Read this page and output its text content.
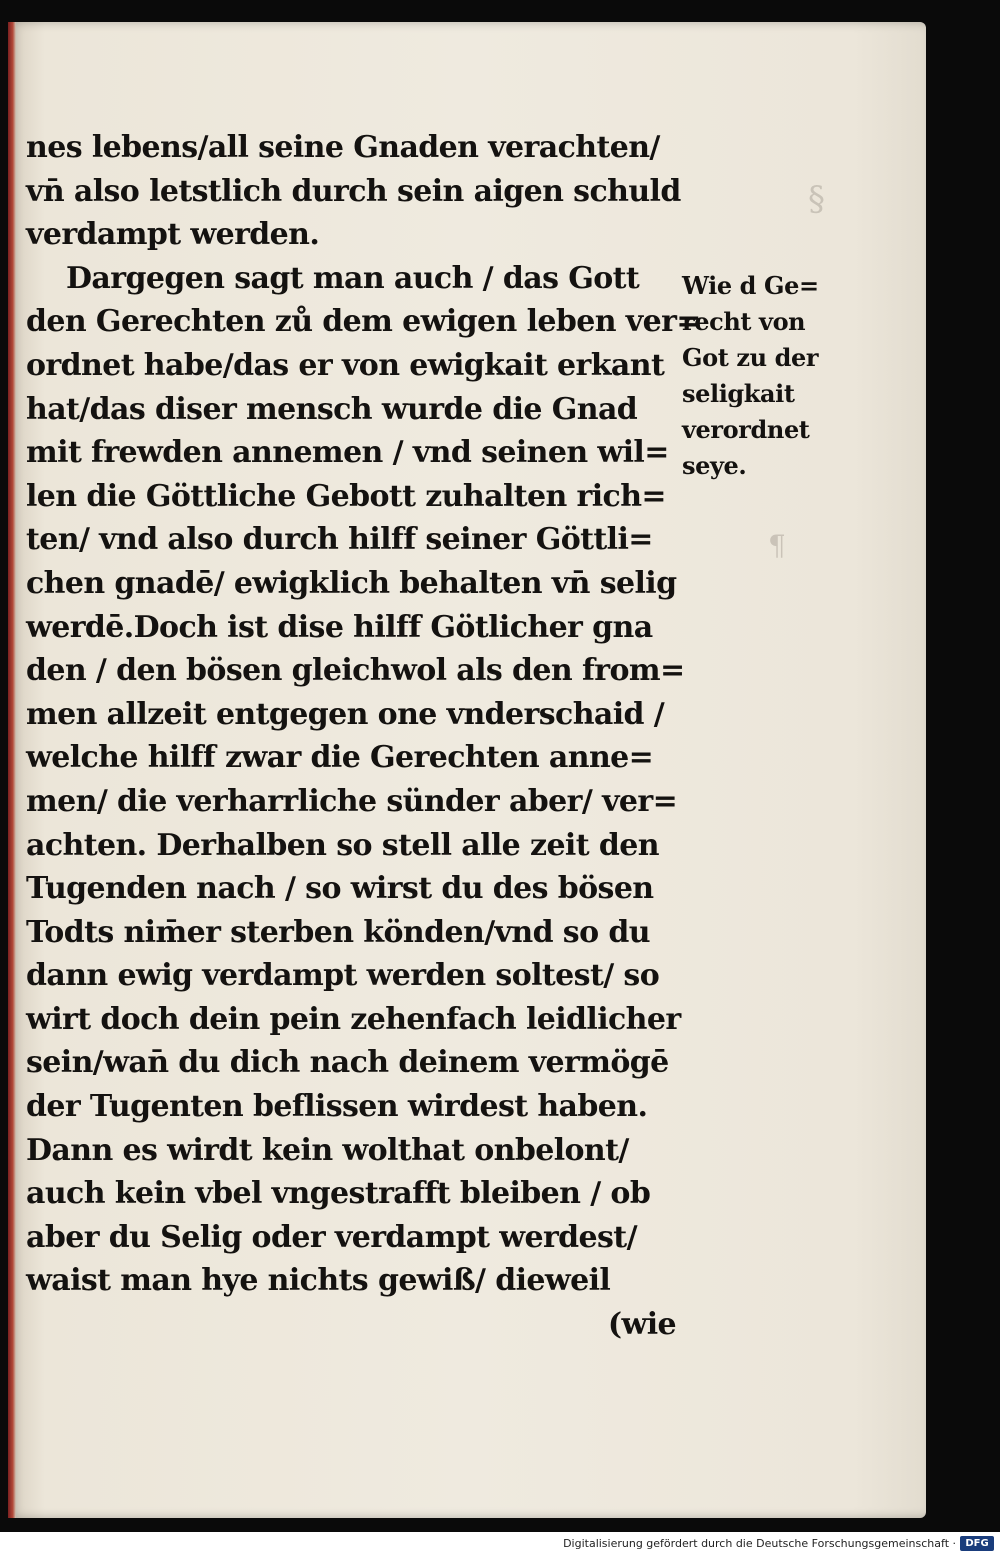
§
¶
nes lebens/all seine Gnaden verachten/
vn̄ also letstlich durch sein aigen schuld
verdampt werden.
Dargegen sagt man auch / das Gott
den Gerechten zů dem ewigen leben ver=
ordnet habe/das er von ewigkait erkant
hat/das diser mensch wurde die Gnad
mit frewden annemen / vnd seinen wil=
len die Göttliche Gebott zuhalten rich=
ten/ vnd also durch hilff seiner Göttli=
chen gnadē/ ewigklich behalten vn̄ selig
werdē.Doch ist dise hilff Götlicher gna
den / den bösen gleichwol als den from=
men allzeit entgegen one vnderschaid /
welche hilff zwar die Gerechten anne=
men/ die verharrliche sünder aber/ ver=
achten. Derhalben so stell alle zeit den
Tugenden nach / so wirst du des bösen
Todts nim̄er sterben könden/vnd so du
dann ewig verdampt werden soltest/ so
wirt doch dein pein zehenfach leidlicher
sein/wan̄ du dich nach deinem vermögē
der Tugenten beflissen wirdest haben.
Dann es wirdt kein wolthat onbelont/
auch kein vbel vngestrafft bleiben / ob
aber du Selig oder verdampt werdest/
waist man hye nichts gewiß/ dieweil
(wie
Wie d Ge=
recht von
Got zu der
seligkait
verordnet
seye.
Digitalisierung gefördert durch die Deutsche Forschungsgemeinschaft · DFG
